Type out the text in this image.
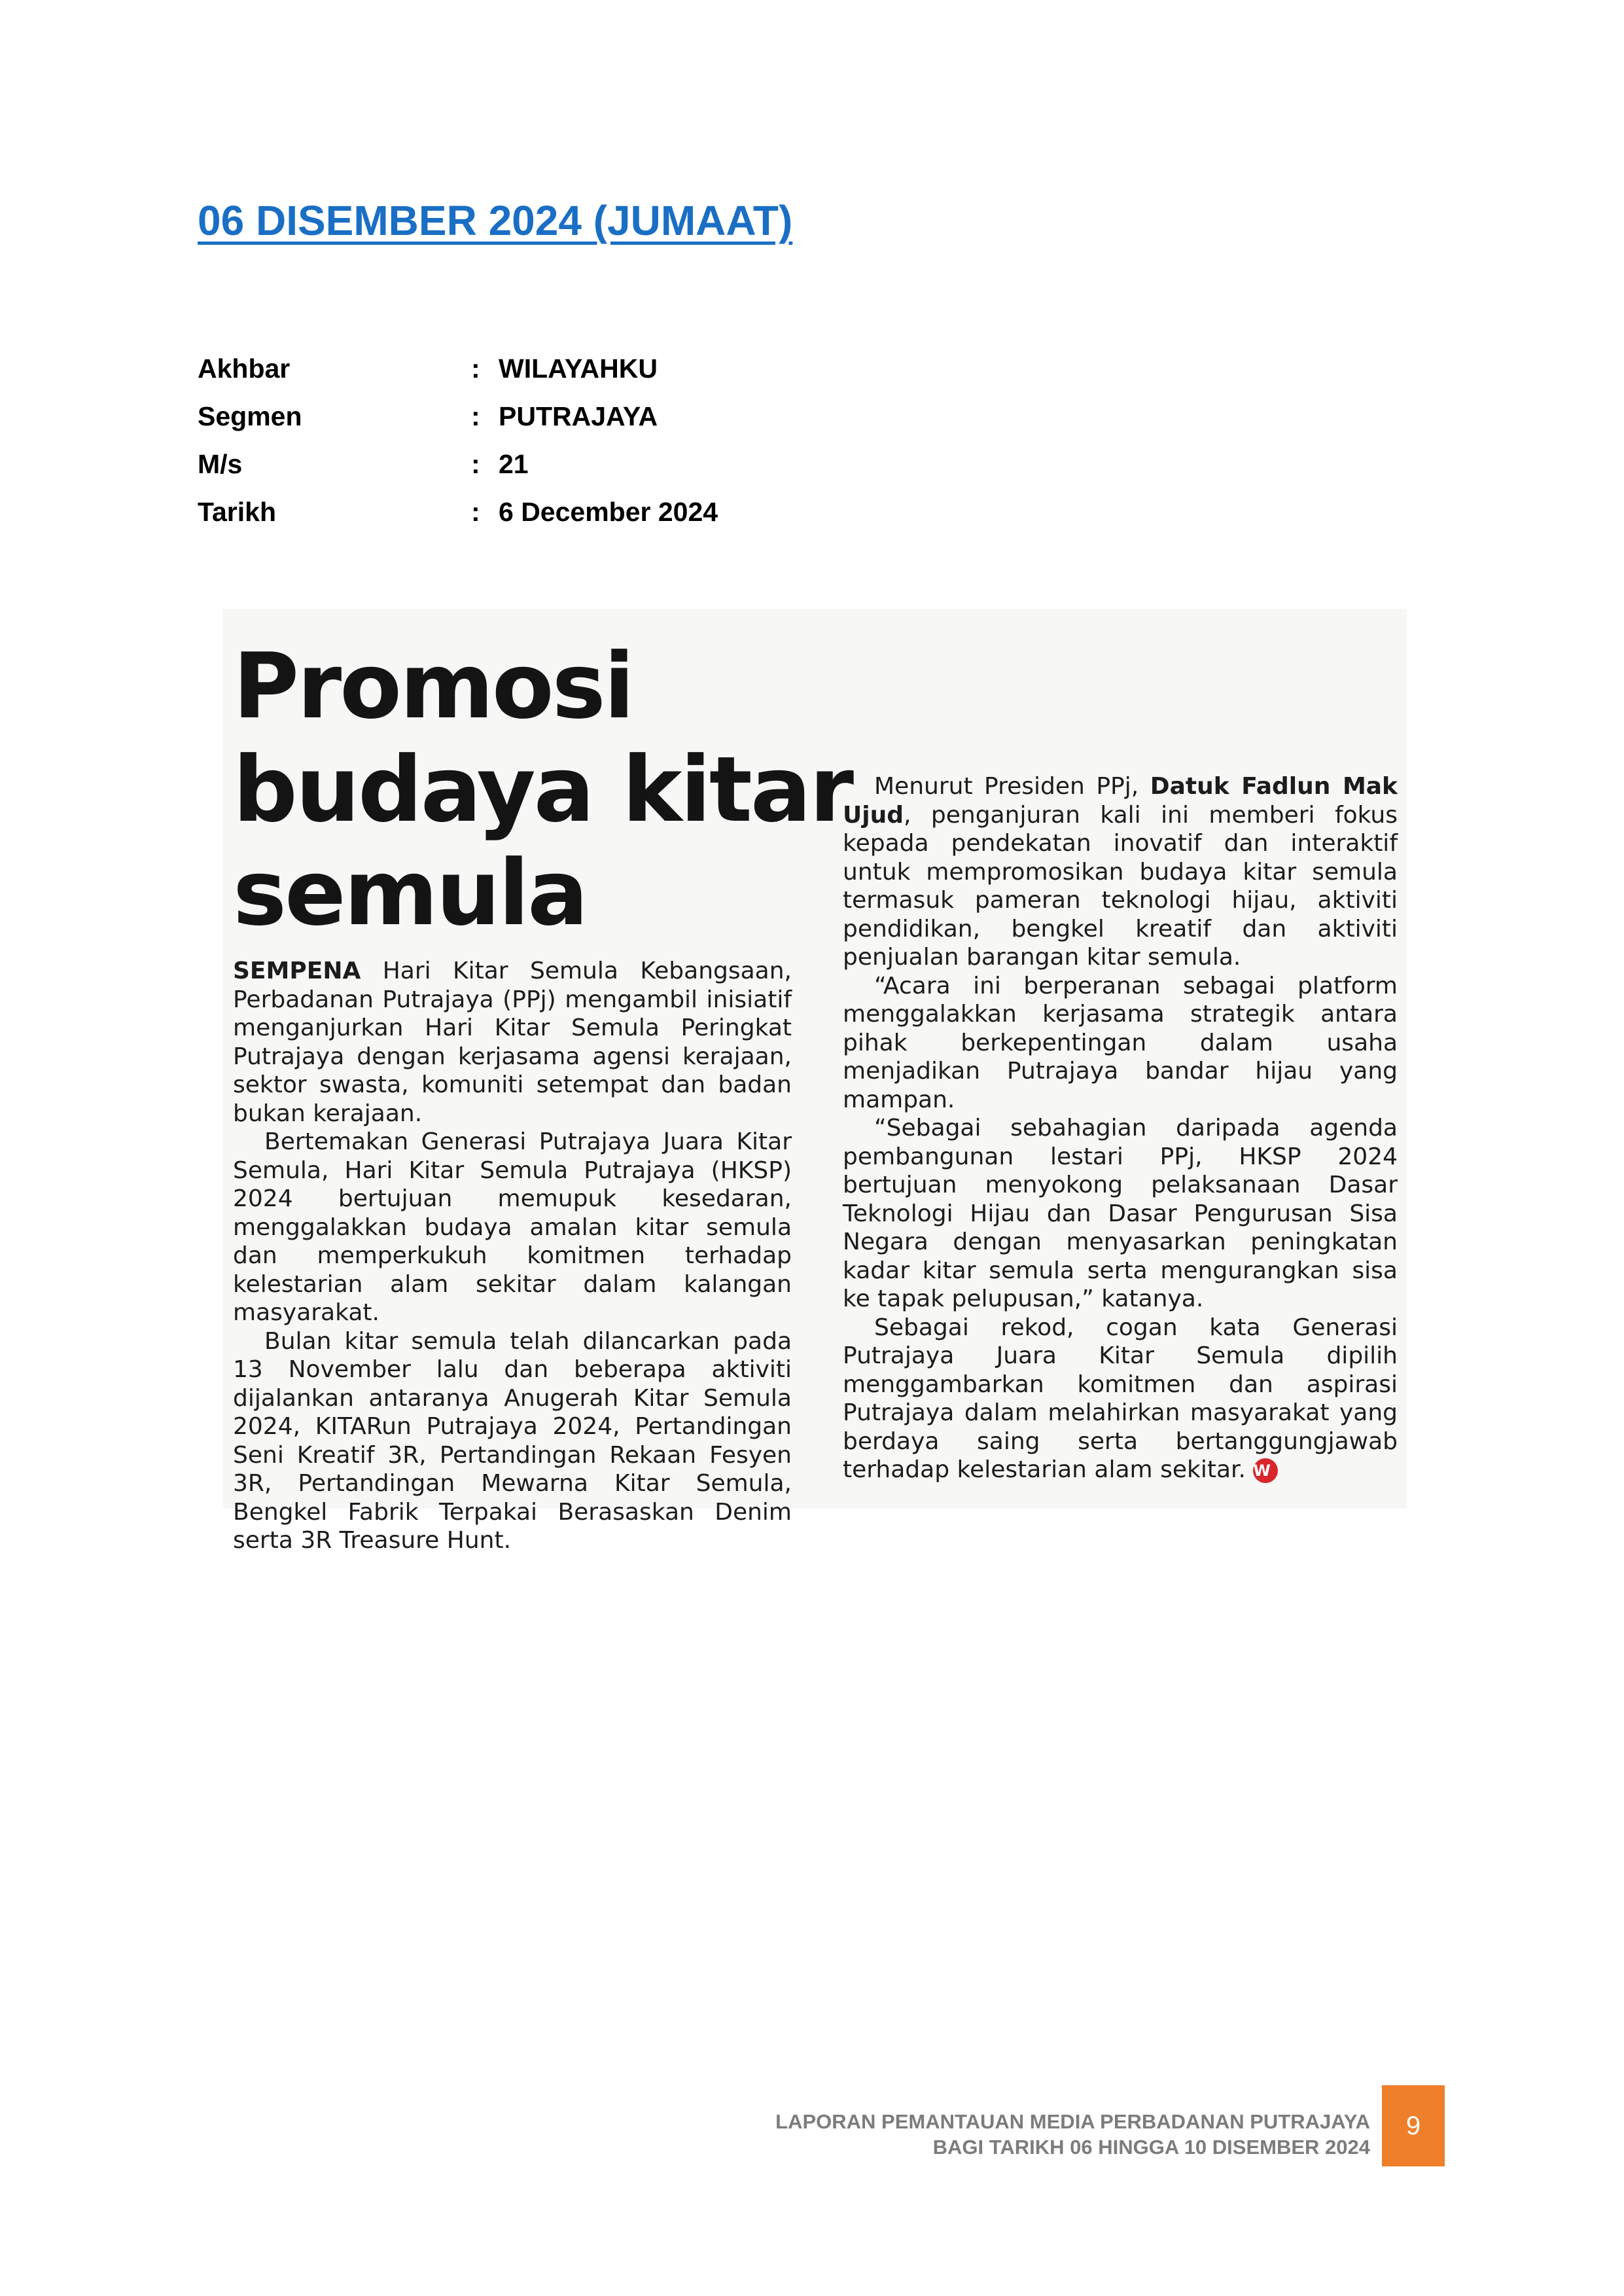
06 DISEMBER 2024 (JUMAAT)
Akhbar	: WILAYAHKU
Segmen	: PUTRAJAYA
M/s	: 21
Tarikh	: 6 December 2024
Promosi
budaya kitar
semula

SEMPENA Hari Kitar Semula Kebangsaan, Perbadanan Putrajaya (PPj) mengambil inisiatif menganjurkan Hari Kitar Semula Peringkat Putrajaya dengan kerjasama agensi kerajaan, sektor swasta, komuniti setempat dan badan bukan kerajaan.

Bertemakan Generasi Putrajaya Juara Kitar Semula, Hari Kitar Semula Putrajaya (HKSP) 2024 bertujuan memupuk kesedaran, menggalakkan budaya amalan kitar semula dan memperkukuh komitmen terhadap kelestarian alam sekitar dalam kalangan masyarakat.

Bulan kitar semula telah dilancarkan pada 13 November lalu dan beberapa aktiviti dijalankan antaranya Anugerah Kitar Semula 2024, KITARun Putrajaya 2024, Pertandingan Seni Kreatif 3R, Pertandingan Rekaan Fesyen 3R, Pertandingan Mewarna Kitar Semula, Bengkel Fabrik Terpakai Berasaskan Denim serta 3R Treasure Hunt.

Menurut Presiden PPj, Datuk Fadlun Mak Ujud, penganjuran kali ini memberi fokus kepada pendekatan inovatif dan interaktif untuk mempromosikan budaya kitar semula termasuk pameran teknologi hijau, aktiviti pendidikan, bengkel kreatif dan aktiviti penjualan barangan kitar semula.

“Acara ini berperanan sebagai platform menggalakkan kerjasama strategik antara pihak berkepentingan dalam usaha menjadikan Putrajaya bandar hijau yang mampan.

“Sebagai sebahagian daripada agenda pembangunan lestari PPj, HKSP 2024 bertujuan menyokong pelaksanaan Dasar Teknologi Hijau dan Dasar Pengurusan Sisa Negara dengan menyasarkan peningkatan kadar kitar semula serta mengurangkan sisa ke tapak pelupusan,” katanya.

Sebagai rekod, cogan kata Generasi Putrajaya Juara Kitar Semula dipilih menggambarkan komitmen dan aspirasi Putrajaya dalam melahirkan masyarakat yang berdaya saing serta bertanggungjawab terhadap kelestarian alam sekitar. W

LAPORAN PEMANTAUAN MEDIA PERBADANAN PUTRAJAYA
BAGI TARIKH 06 HINGGA 10 DISEMBER 2024
9
